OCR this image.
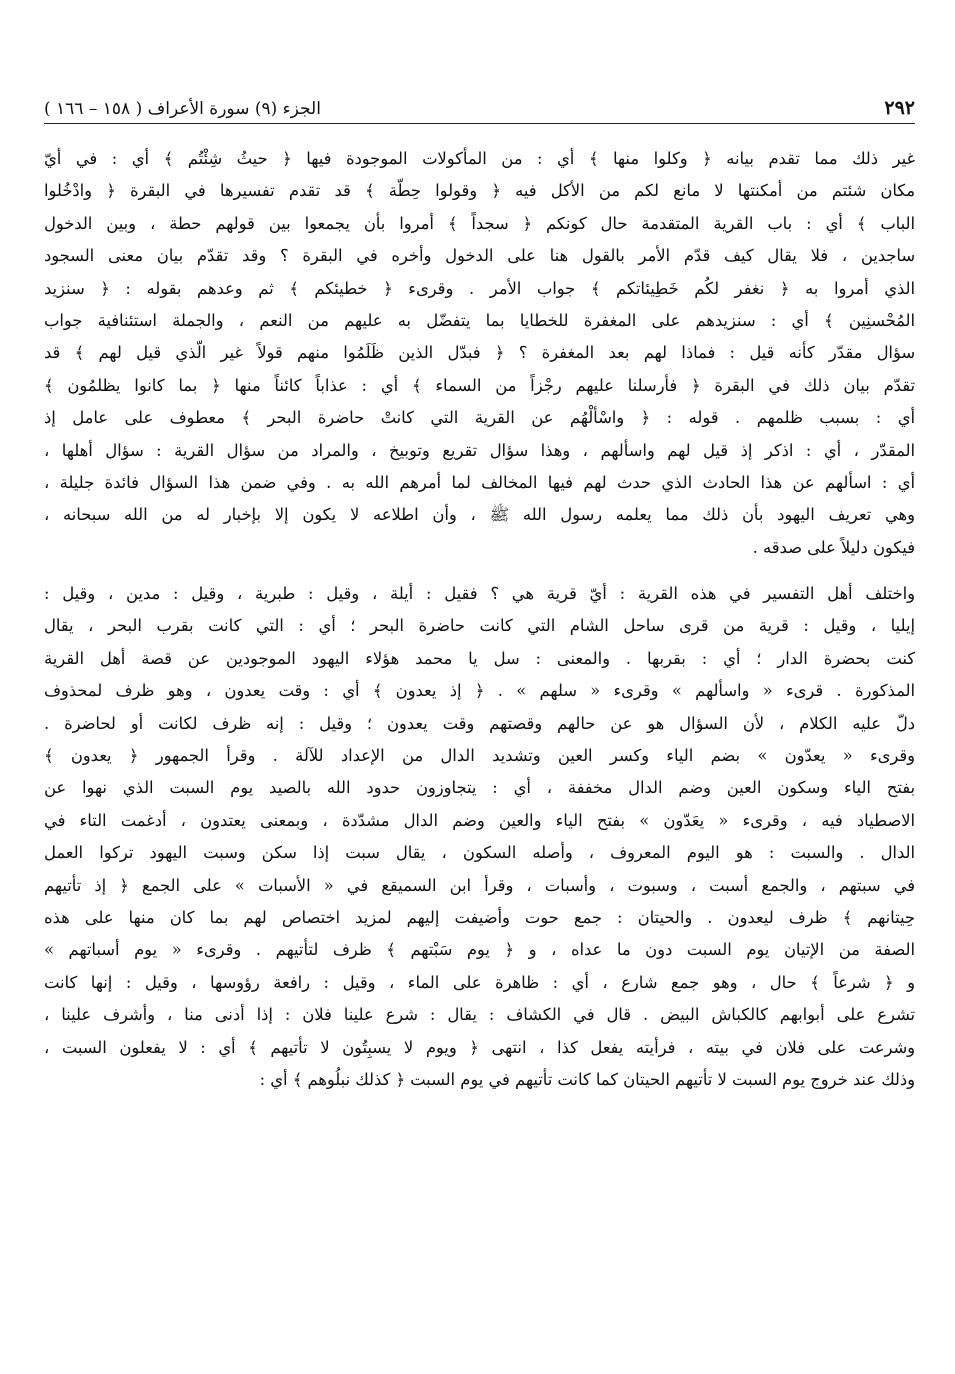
٢٩٢
الجزء (٩) سورة الأعراف ( ١٥٨ – ١٦٦ )
غير ذلك مما تقدم بيانه ﴿ وكلوا منها ﴾ أي : من المأكولات الموجودة فيها ﴿ حيثُ شِئْتُم ﴾ أي : في أيّ
مكان شئتم من أمكنتها لا مانع لكم من الأكل فيه ﴿ وقولوا حِطّة ﴾ قد تقدم تفسيرها في البقرة ﴿ وادْخُلوا
الباب ﴾ أي : باب القرية المتقدمة حال كونكم ﴿ سجداً ﴾ أمروا بأن يجمعوا بين قولهم حطة ، وبين الدخول
ساجدين ، فلا يقال كيف قدّم الأمر بالقول هنا على الدخول وأخره في البقرة ؟ وقد تقدّم بيان معنى السجود
الذي أمروا به ﴿ نغفر لكُم خَطِيئاتكم ﴾ جواب الأمر . وقرىء ﴿ خطيئكم ﴾ ثم وعدهم بقوله : ﴿ سنزيد
المُحْسنِين ﴾ أي : سنزيدهم على المغفرة للخطايا بما يتفضّل به عليهم من النعم ، والجملة استئنافية جواب
سؤال مقدّر كأنه قيل : فماذا لهم بعد المغفرة ؟ ﴿ فبدّل الذين ظَلَمُوا منهم قولاً غير الّذي قيل لهم ﴾ قد
تقدّم بيان ذلك في البقرة ﴿ فأرسلنا عليهم رجْزاً من السماء ﴾ أي : عذاباً كائناً منها ﴿ بما كانوا يظلمُون ﴾
أي : بسبب ظلمهم . قوله : ﴿ واسْألْهُم عن القرية التي كانتْ حاضرة البحر ﴾ معطوف على عامل إذ
المقدّر ، أي : اذكر إذ قيل لهم واسألهم ، وهذا سؤال تقريع وتوبيخ ، والمراد من سؤال القرية : سؤال أهلها ،
أي : اسألهم عن هذا الحادث الذي حدث لهم فيها المخالف لما أمرهم الله به . وفي ضمن هذا السؤال فائدة جليلة ،
وهي تعريف اليهود بأن ذلك مما يعلمه رسول الله ﷺ ، وأن اطلاعه لا يكون إلا بإخبار له من الله سبحانه ،
فيكون دليلاً على صدقه .
واختلف أهل التفسير في هذه القرية : أيّ قرية هي ؟ فقيل : أيلة ، وقيل : طبرية ، وقيل : مدين ، وقيل :
إيليا ، وقيل : قرية من قرى ساحل الشام التي كانت حاضرة البحر ؛ أي : التي كانت بقرب البحر ، يقال
كنت بحضرة الدار ؛ أي : بقربها . والمعنى : سل يا محمد هؤلاء اليهود الموجودين عن قصة أهل القرية
المذكورة . قرىء « واسألهم » وقرىء « سلهم » . ﴿ إذ يعدون ﴾ أي : وقت يعدون ، وهو ظرف لمحذوف
دلّ عليه الكلام ، لأن السؤال هو عن حالهم وقصتهم وقت يعدون ؛ وقيل : إنه ظرف لكانت أو لحاضرة .
وقرىء « يعدّون » بضم الياء وكسر العين وتشديد الدال من الإعداد للآلة . وقرأ الجمهور ﴿ يعدون ﴾
بفتح الياء وسكون العين وضم الدال مخففة ، أي : يتجاوزون حدود الله بالصيد يوم السبت الذي نهوا عن
الاصطياد فيه ، وقرىء « يعَدّون » بفتح الياء والعين وضم الدال مشدّدة ، وبمعنى يعتدون ، أدغمت التاء في
الدال . والسبت : هو اليوم المعروف ، وأصله السكون ، يقال سبت إذا سكن وسبت اليهود تركوا العمل
في سبتهم ، والجمع أسبت ، وسبوت ، وأسبات ، وقرأ ابن السميقع في « الأسبات » على الجمع ﴿ إذ تأتيهم
حِيتانهم ﴾ ظرف ليعدون . والحيتان : جمع حوت وأضيفت إليهم لمزيد اختصاص لهم بما كان منها على هذه
الصفة من الإتيان يوم السبت دون ما عداه ، و ﴿ يوم سَبْتهم ﴾ ظرف لتأتيهم . وقرىء « يوم أسباتهم »
و ﴿ شرعاً ﴾ حال ، وهو جمع شارع ، أي : ظاهرة على الماء ، وقيل : رافعة رؤوسها ، وقيل : إنها كانت
تشرع على أبوابهم كالكباش البيض . قال في الكشاف : يقال : شرع علينا فلان : إذا أدنى منا ، وأشرف علينا ،
وشرعت على فلان في بيته ، فرأيته يفعل كذا ، انتهى ﴿ ويوم لا يسبِتُون لا تأتيهم ﴾ أي : لا يفعلون السبت ،
وذلك عند خروج يوم السبت لا تأتيهم الحيتان كما كانت تأتيهم في يوم السبت ﴿ كذلك نبلُوهم ﴾ أي :
